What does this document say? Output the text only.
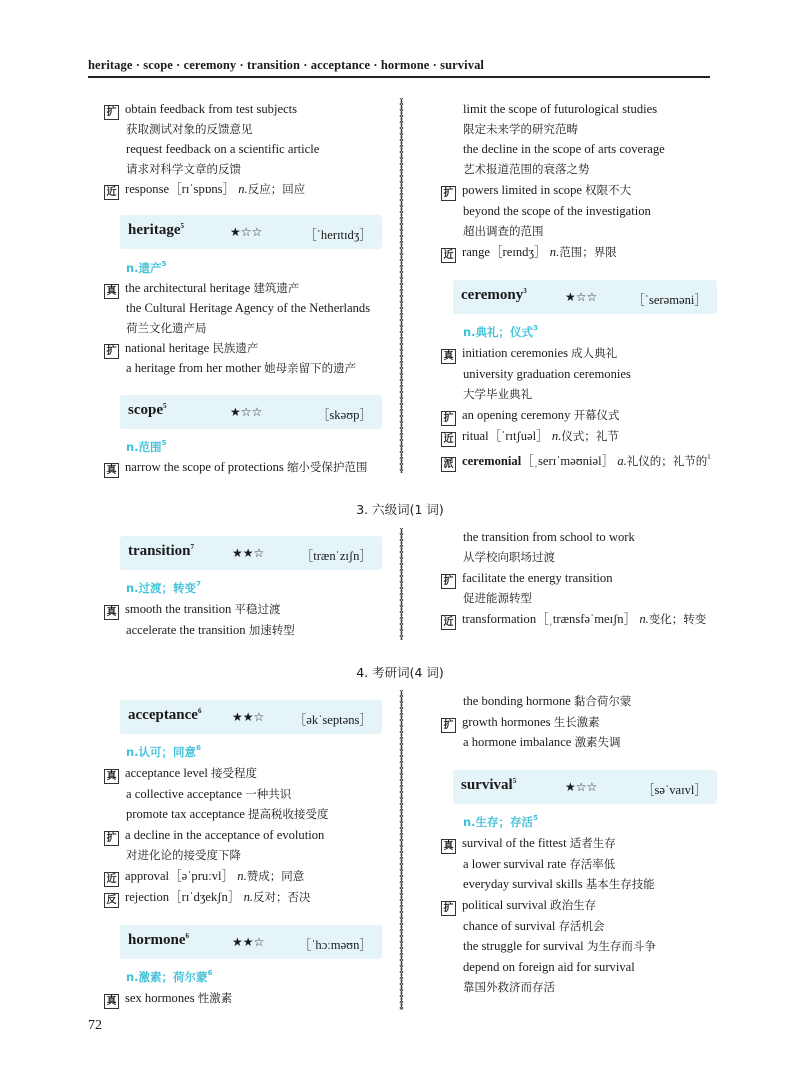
heritage · scope · ceremony · transition · acceptance · hormone · survival
扩 obtain feedback from test subjects
获取测试对象的反馈意见
request feedback on a scientific article
请求对科学文章的反馈
近 response［rɪˈspɒns］ n.反应；回应
heritage$^5$	★☆☆	［ˈherɪtɪdʒ］
n.遗产$^5$
真 the architectural heritage 建筑遗产
the Cultural Heritage Agency of the Netherlands
荷兰文化遗产局
扩 national heritage 民族遗产
a heritage from her mother 她母亲留下的遗产
scope$^5$	★☆☆	［skəʊp］
n.范围$^5$
真 narrow the scope of protections 缩小受保护范围
limit the scope of futurological studies
限定未来学的研究范畴
the decline in the scope of arts coverage
艺术报道范围的衰落之势
扩 powers limited in scope 权限不大
beyond the scope of the investigation
超出调查的范围
近 range［reɪndʒ］ n.范围；界限
ceremony$^3$	★☆☆	［ˈserəməni］
n.典礼；仪式$^3$
真 initiation ceremonies 成人典礼
university graduation ceremonies
大学毕业典礼
扩 an opening ceremony 开幕仪式
近 ritual［ˈrɪtʃuəl］ n.仪式；礼节
派 ceremonial［ˌserɪˈməʊniəl］ a.礼仪的；礼节的$^1$
3. 六级词(1 词)
transition$^7$	★★☆	［trænˈzɪʃn］
n.过渡；转变$^7$
真 smooth the transition 平稳过渡
accelerate the transition 加速转型
the transition from school to work
从学校向职场过渡
扩 facilitate the energy transition
促进能源转型
近 transformation［ˌtrænsfəˈmeɪʃn］ n.变化；转变
4. 考研词(4 词)
acceptance$^6$	★★☆ ［əkˈseptəns］
n.认可；同意$^6$
真 acceptance level 接受程度
a collective acceptance 一种共识
promote tax acceptance 提高税收接受度
扩 a decline in the acceptance of evolution
对进化论的接受度下降
近 approval［əˈpruːvl］ n.赞成；同意
反 rejection［rɪˈdʒekʃn］ n.反对；否决
hormone$^6$	★★☆	［ˈhɔːməʊn］
n.激素；荷尔蒙$^6$
真 sex hormones 性激素
the bonding hormone 黏合荷尔蒙
扩 growth hormones 生长激素
a hormone imbalance 激素失调
survival$^5$	★☆☆	［səˈvaɪvl］
n.生存；存活$^5$
真 survival of the fittest 适者生存
a lower survival rate 存活率低
everyday survival skills 基本生存技能
扩 political survival 政治生存
chance of survival 存活机会
the struggle for survival 为生存而斗争
depend on foreign aid for survival
靠国外救济而存活
72
